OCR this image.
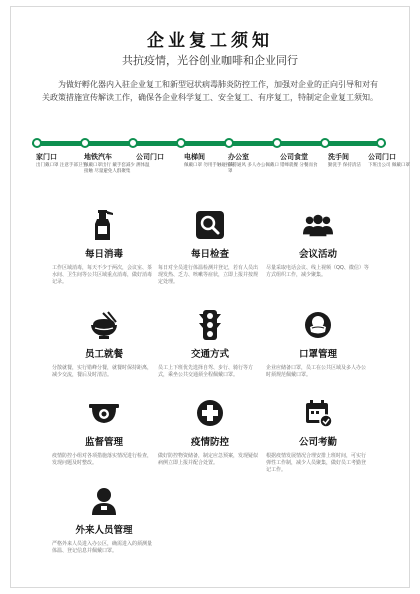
企业复工须知
共抗疫情，光谷创业咖啡和企业同行

为做好孵化器内入驻企业复工和新型冠状病毒肺炎防控工作，加强对企业的正向引导和对有关政策措施宣传解读工作，确保各企业科学复工、安全复工、有序复工，特制定企业复工须知。

家门口
出门戴口罩 注意手部卫生
地铁汽车
佩戴口罩出行 戴手套减少接触 尽量避免人群聚集
公司门口
测体温
电梯间
佩戴口罩 勿用手触碰按钮
办公室
保持通风 多人办公佩戴口罩
公司食堂
错峰就餐 分餐而食
洗手间
勤洗手 保持清洁
公司门口
下班出公司 佩戴口罩
每日消毒
工作区域消毒，每天不少于两次，会议室、茶水间、卫生间等公共区域重点消毒，做好消毒记录。
每日检查
每日对全员进行体温检测并登记，若有人员出现发热、乏力、咳嗽等症状，立即上报并按规定处理。
会议活动
尽量采取电话会议、线上视频（QQ、微信）等方式组织工作，减少聚集。
员工就餐
分散就餐，实行错峰分餐，就餐时保持距离，减少交流，餐后及时清洁。
交通方式
员工上下班优先选择自驾、步行、骑行等方式，乘坐公共交通须全程佩戴口罩。
口罩管理
企业应储备口罩，员工在公共区域及多人办公时须规范佩戴口罩。
监督管理
疫情防控小组对各项措施落实情况进行检查，发现问题及时整改。
疫情防控
做好防控物资储备，制定应急预案，发现疑似病例立即上报并配合处置。
公司考勤
根据疫情发展情况合理安排上班时间，可实行弹性工作制，减少人员聚集，做好员工考勤登记工作。
外来人员管理
严格外来人员进入办公区，确需进入的须测量体温、登记信息并佩戴口罩。
